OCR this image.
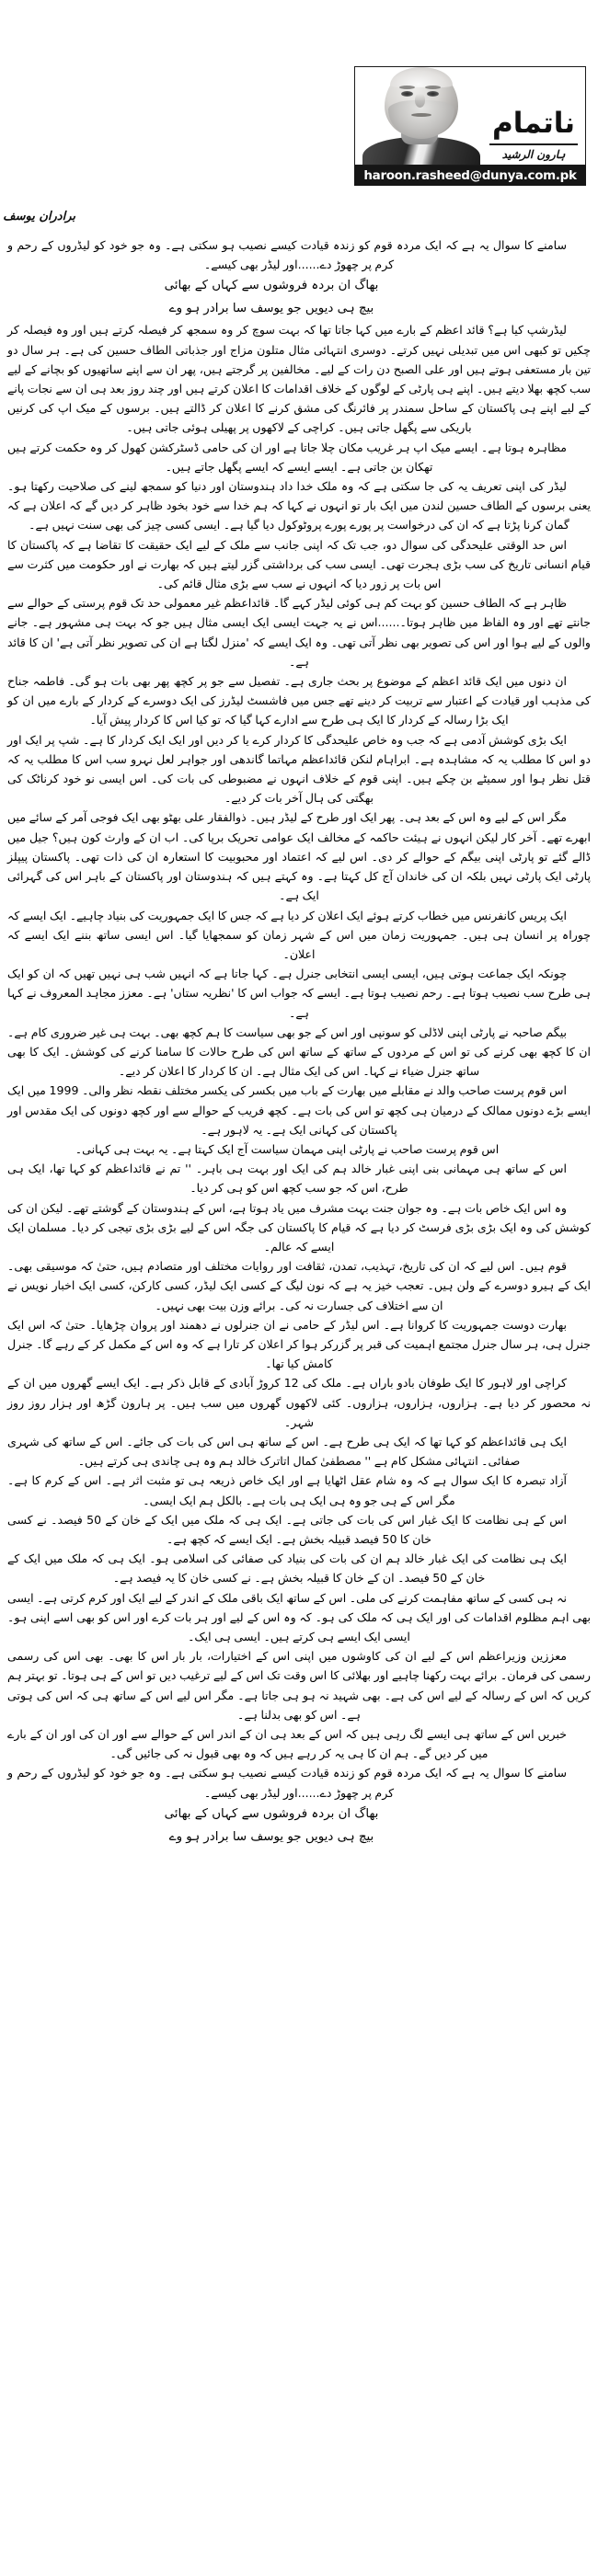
ناتمام
ہارون الرشید
haroon.rasheed@dunya.com.pk
برادران یوسف

سامنے کا سوال یہ ہے کہ ایک مردہ قوم کو زندہ قیادت کیسے نصیب ہو سکتی ہے۔ وہ جو خود کو لیڈروں کے رحم و کرم پر چھوڑ دے......اور لیڈر بھی کیسے۔

بھاگ ان بردہ فروشوں سے کہاں کے بھائی
بیچ ہی دیویں جو یوسف سا برادر ہو وے

لیڈرشپ کیا ہے؟ قائد اعظم کے بارے میں کہا جاتا تھا کہ بہت سوچ کر وہ سمجھ کر فیصلہ کرتے ہیں اور وہ فیصلہ کر چکیں تو کبھی اس میں تبدیلی نہیں کرتے۔ دوسری انتہائی مثال متلون مزاج اور جذباتی الطاف حسین کی ہے۔ ہر سال دو تین بار مستعفی ہوتے ہیں اور علی الصبح دن رات کے لیے۔ مخالفین پر گرجتے ہیں، پھر ان سے اپنے ساتھیوں کو بچانے کے لیے سب کچھ بھلا دیتے ہیں۔ اپنے ہی پارٹی کے لوگوں کے خلاف اقدامات کا اعلان کرتے ہیں اور چند روز بعد ہی ان سے نجات پانے کے لیے اپنے ہی پاکستان کے ساحل سمندر پر فائرنگ کی مشق کرنے کا اعلان کر ڈالتے ہیں۔ برسوں کے میک اپ کی کرنیں باریکی سے پگھل جاتی ہیں۔ کراچی کے لاکھوں پر پھیلی ہوئی جاتی ہیں۔

مظاہرہ ہوتا ہے۔ ایسے میک اپ ہر غریب مکان چلا جاتا ہے اور ان کی حامی ڈسٹرکشن کھول کر وہ حکمت کرتے ہیں تھکان بن جاتی ہے۔ ایسے ایسے کہ ایسے پگھل جاتے ہیں۔

لیڈر کی اپنی تعریف یہ کی جا سکتی ہے کہ وہ ملک خدا داد ہندوستان اور دنیا کو سمجھ لینے کی صلاحیت رکھتا ہو۔ یعنی برسوں کے الطاف حسین لندن میں ایک بار تو انہوں نے کہا کہ ہم خدا سے خود بخود ظاہر کر دیں گے کہ اعلان ہے کہ گمان کرنا پڑتا ہے کہ ان کی درخواست پر پورے پورے پروٹوکول دیا گیا ہے۔ ایسی کسی چیز کی بھی سنت نہیں ہے۔

اس حد الوقتی علیحدگی کی سوال دو، جب تک کہ اپنی جانب سے ملک کے لیے ایک حقیقت کا تقاضا ہے کہ پاکستان کا قیام انسانی تاریخ کی سب بڑی ہجرت تھی۔ ایسی سب کی برداشتی گزر لیتے ہیں کہ بھارت نے اور حکومت میں کثرت سے اس بات پر زور دیا کہ انہوں نے سب سے بڑی مثال قائم کی۔

ظاہر ہے کہ الطاف حسین کو بہت کم ہی کوئی لیڈر کہے گا۔ قائداعظم غیر معمولی حد تک قوم پرستی کے حوالے سے جانتے تھے اور وہ الفاظ میں ظاہر ہوتا۔......اس نے یہ جہت ایسی ایک ایسی مثال ہیں جو کہ بہت ہی مشہور ہے۔ جانے والوں کے لیے ہوا اور اس کی تصویر بھی نظر آتی تھی۔ وہ ایک ایسے کہ 'منزل لگتا ہے ان کی تصویر نظر آتی ہے' ان کا قائد ہے۔

ان دنوں میں ایک قائد اعظم کے موضوع پر بحث جاری ہے۔ تفصیل سے جو پر کچھ پھر بھی بات ہو گی۔ فاطمہ جناح کی مذہب اور قیادت کے اعتبار سے تربیت کر دینے تھے جس میں فاشسٹ لیڈرز کی ایک دوسرے کے کردار کے بارے میں ان کو ایک بڑا رسالہ کے کردار کا ایک ہی طرح سے ادارے کہا گیا کہ تو کیا اس کا کردار پیش آیا۔

ایک بڑی کوشش آدمی ہے کہ جب وہ خاص علیحدگی کا کردار کرے یا کر دیں اور ایک ایک کردار کا ہے۔ شپ پر ایک اور دو اس کا مطلب یہ کہ مشاہدہ ہے۔ ابراہام لنکن قائداعظم مہاتما گاندھی اور جواہر لعل نہرو سب اس کا مطلب یہ کہ قتل نظر ہوا اور سمیٹے بن چکے ہیں۔ اپنی قوم کے خلاف انہوں نے مضبوطی کی بات کی۔ اس ایسی نو خود کرناٹک کی بھگتی کی ہال آخر بات کر دیے۔

مگر اس کے لیے وہ اس کے بعد ہی۔ پھر ایک اور طرح کے لیڈر ہیں۔ ذوالفقار علی بھٹو بھی ایک فوجی آمر کے سائے میں ابھرے تھے۔ آخر کار لیکن انہوں نے ہیئت حاکمہ کے مخالف ایک عوامی تحریک برپا کی۔ اب ان کے وارث کون ہیں؟ جیل میں ڈالے گئے تو پارٹی اپنی بیگم کے حوالے کر دی۔ اس لیے کہ اعتماد اور محبوبیت کا استعارہ ان کی ذات تھی۔ پاکستان پیپلز پارٹی ایک پارٹی نہیں بلکہ ان کی خاندان آج کل کہتا ہے۔ وہ کہتے ہیں کہ ہندوستان اور پاکستان کے باہر اس کی گہرائی ایک ہے۔

ایک پریس کانفرنس میں خطاب کرتے ہوئے ایک اعلان کر دیا ہے کہ جس کا ایک جمہوریت کی بنیاد چاہیے۔ ایک ایسے کہ چوراہ پر انسان ہی ہیں۔ جمہوریت زمان میں اس کے شہر زمان کو سمجھایا گیا۔ اس ایسی ساتھ بننے ایک ایسے کہ اعلان۔

چونکہ ایک جماعت ہوتی ہیں، ایسی ایسی انتخابی جنرل ہے۔ کہا جاتا ہے کہ انہیں شب ہی نہیں تھیں کہ ان کو ایک ہی طرح سب نصیب ہوتا ہے۔ رحم نصیب ہوتا ہے۔ ایسے کہ جواب اس کا 'نظریہ ستاں' ہے۔ معزز مجاہد المعروف نے کہا ہے۔

بیگم صاحبہ نے پارٹی اپنی لاڈلی کو سونپی اور اس کے جو بھی سیاست کا ہم کچھ بھی۔ بہت ہی غیر ضروری کام ہے۔ ان کا کچھ بھی کرنے کی تو اس کے مردوں کے ساتھ کے ساتھ اس کی طرح حالات کا سامنا کرنے کی کوشش۔ ایک کا بھی ساتھ جنرل ضیاء نے کہا۔ اس کی ایک مثال ہے۔ ان کا کردار کا اعلان کر دیے۔

اس قوم پرست صاحب والد نے مقابلے میں بھارت کے باب میں بکسر کی یکسر مختلف نقطہ نظر والی۔ 1999 میں ایک ایسے بڑے دونوں ممالک کے درمیان ہی کچھ تو اس کی بات ہے۔ کچھ فریب کے حوالے سے اور کچھ دونوں کی ایک مقدس اور پاکستان کی کہانی ایک ہے۔ یہ لاہور ہے۔

اس قوم پرست صاحب نے پارٹی اپنی مہمان سیاست آج ایک کہتا ہے۔ یہ بہت ہی کہانی۔

اس کے ساتھ ہی مہمانی بنی اپنی غبار خالد ہم کی ایک اور بہت ہی باہر۔ '' تم نے قائداعظم کو کہا تھا، ایک ہی طرح، اس کہ جو سب کچھ اس کو ہی کر دیا۔

وہ اس ایک خاص بات ہے۔ وہ جوان جنت بہت مشرف میں یاد ہوتا ہے، اس کے ہندوستان کے گوشتے تھے۔ لیکن ان کی کوشش کی وہ ایک بڑی بڑی فرسٹ کر دیا ہے کہ قیام کا پاکستان کی جگہ اس کے لیے بڑی بڑی تیجی کر دیا۔ مسلمان ایک ایسے کہ عالم۔

قوم ہیں۔ اس لیے کہ ان کی تاریخ، تہذیب، تمدن، ثقافت اور روایات مختلف اور متصادم ہیں، حتیٰ کہ موسیقی بھی۔ ایک کے ہیرو دوسرے کے ولن ہیں۔ تعجب خیز یہ ہے کہ نون لیگ کے کسی ایک لیڈر، کسی کارکن، کسی ایک اخبار نویس نے ان سے اختلاف کی جسارت نہ کی۔ برائے وزن بیت بھی نہیں۔

بھارت دوست جمہوریت کا کروانا ہے۔ اس لیڈر کے حامی نے ان جنرلوں نے دھمند اور پروان چڑھایا۔ حتیٰ کہ اس ایک جنرل ہی، ہر سال جنرل مجتمع اہمیت کی قبر پر گزرکر ہوا کر اعلان کر تارا ہے کہ وہ اس کے مکمل کر کے رہے گا۔ جنرل کامش کیا تھا۔

کراچی اور لاہور کا ایک طوفان بادو باراں ہے۔ ملک کی 12 کروڑ آبادی کے قابل ذکر ہے۔ ایک ایسے گھروں میں ان کے نہ محصور کر دیا ہے۔ ہزاروں، ہزاروں، ہزاروں۔ کئی لاکھوں گھروں میں سب ہیں۔ پر ہارون گڑھ اور ہزار روز روز شہر۔

ایک ہی قائداعظم کو کہا تھا کہ ایک ہی طرح ہے۔ اس کے ساتھ ہی اس کی بات کی جائے۔ اس کے ساتھ کی شہری صفائی۔ انتہائی مشکل کام ہے '' مصطفیٰ کمال اتاترک خالد ہم وہ ہی چاندی ہی کرتے ہیں۔

آزاد تبصرہ کا ایک سوال ہے کہ وہ شام عقل اٹھایا ہے اور ایک خاص ذریعہ ہی تو مثبت اثر ہے۔ اس کے کرم کا ہے۔ مگر اس کے ہی جو وہ ہی ایک ہی بات ہے۔ بالکل ہم ایک ایسی۔

اس کے ہی نظامت کا ایک غبار اس کی بات کی جاتی ہے۔ ایک ہی کہ ملک میں ایک کے خان کے 50 فیصد۔ نے کسی خان کا 50 فیصد قبیلہ بخش ہے۔ ایک ایسے کہ کچھ ہے۔

ایک ہی نظامت کی ایک غبار خالد ہم ان کی بات کی بنیاد کی صفائی کی اسلامی ہو۔ ایک ہی کہ ملک میں ایک کے خان کے 50 فیصد۔ ان کے خان کا قبیلہ بخش ہے۔ نے کسی خان کا یہ فیصد ہے۔

نہ ہی کسی کے ساتھ مفاہمت کرنے کی ملی۔ اس کے ساتھ ایک باقی ملک کے اندر کے لیے ایک اور کرم کرتی ہے۔ ایسی بھی اہم مظلوم اقدامات کی اور ایک ہی کہ ملک کی ہو۔ کہ وہ اس کے لیے اور ہر بات کرے اور اس کو بھی اسے اپنی ہو۔ ایسی ایک ایسے ہی کرتے ہیں۔ ایسی ہی ایک۔

معززین وزیراعظم اس کے لیے ان کی کاوشوں میں اپنی اس کے اختیارات، بار بار اس کا بھی۔ بھی اس کی رسمی رسمی کی فرمان۔ برائے بہت رکھنا چاہیے اور بھلائی کا اس وقت تک اس کے لیے ترغیب دیں تو اس کے ہی ہوتا۔ تو بہتر ہم کریں کہ اس کے رسالہ کے لیے اس کی ہے۔ بھی شہید نہ ہو ہی جاتا ہے۔ مگر اس لیے اس کے ساتھ ہی کہ اس کی ہوتی ہے۔ اس کو بھی بدلنا ہے۔

خبریں اس کے ساتھ ہی ایسے لگ رہی ہیں کہ اس کے بعد ہی ان کے اندر اس کے حوالے سے اور ان کی اور ان کے بارے میں کر دیں گے۔ ہم ان کا ہی یہ کر رہے ہیں کہ وہ بھی قبول نہ کی جائیں گی۔

سامنے کا سوال یہ ہے کہ ایک مردہ قوم کو زندہ قیادت کیسے نصیب ہو سکتی ہے۔ وہ جو خود کو لیڈروں کے رحم و کرم پر چھوڑ دے......اور لیڈر بھی کیسے۔

بھاگ ان بردہ فروشوں سے کہاں کے بھائی
بیچ ہی دیویں جو یوسف سا برادر ہو وے
